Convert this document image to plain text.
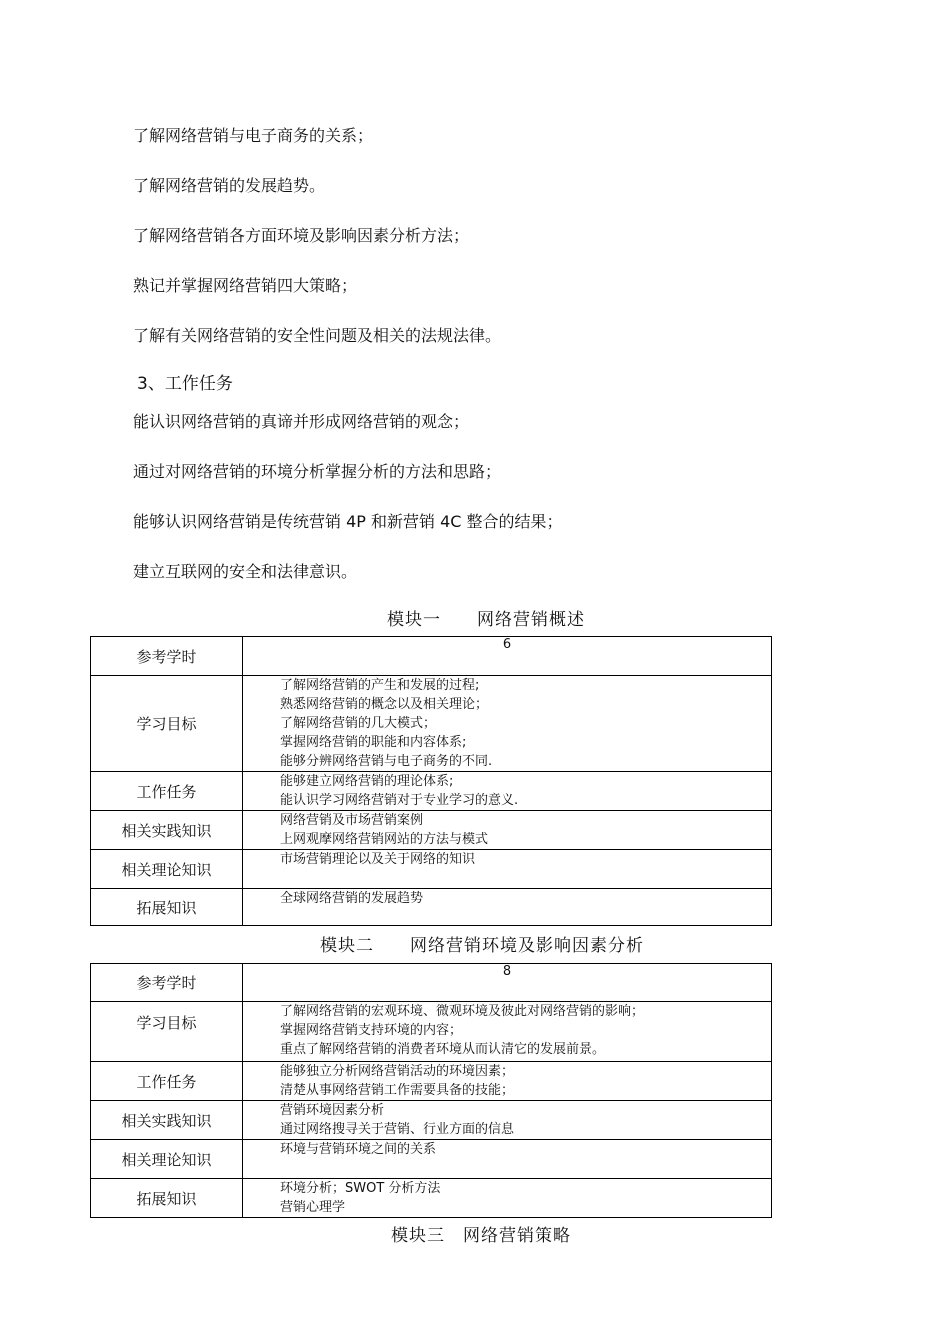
了解网络营销与电子商务的关系；
了解网络营销的发展趋势。
了解网络营销各方面环境及影响因素分析方法；
熟记并掌握网络营销四大策略；
了解有关网络营销的安全性问题及相关的法规法律。
3、工作任务
能认识网络营销的真谛并形成网络营销的观念；
通过对网络营销的环境分析掌握分析的方法和思路；
能够认识网络营销是传统营销 4P 和新营销 4C 整合的结果；
建立互联网的安全和法律意识。
模块一　　网络营销概述
参考学时	6
学习目标	了解网络营销的产生和发展的过程;
熟悉网络营销的概念以及相关理论；
了解网络营销的几大模式；
掌握网络营销的职能和内容体系;
能够分辨网络营销与电子商务的不同.

工作任务	能够建立网络营销的理论体系;
能认识学习网络营销对于专业学习的意义.

相关实践知识	网络营销及市场营销案例
上网观摩网络营销网站的方法与模式

相关理论知识	市场营销理论以及关于网络的知识

拓展知识	全球网络营销的发展趋势
模块二　　网络营销环境及影响因素分析
参考学时	8
学习目标	了解网络营销的宏观环境、微观环境及彼此对网络营销的影响；
掌握网络营销支持环境的内容；
重点了解网络营销的消费者环境从而认清它的发展前景。

工作任务	能够独立分析网络营销活动的环境因素；
清楚从事网络营销工作需要具备的技能；

相关实践知识	营销环境因素分析
通过网络搜寻关于营销、行业方面的信息

相关理论知识	环境与营销环境之间的关系

拓展知识	环境分析；SWOT 分析方法
营销心理学
模块三　网络营销策略
